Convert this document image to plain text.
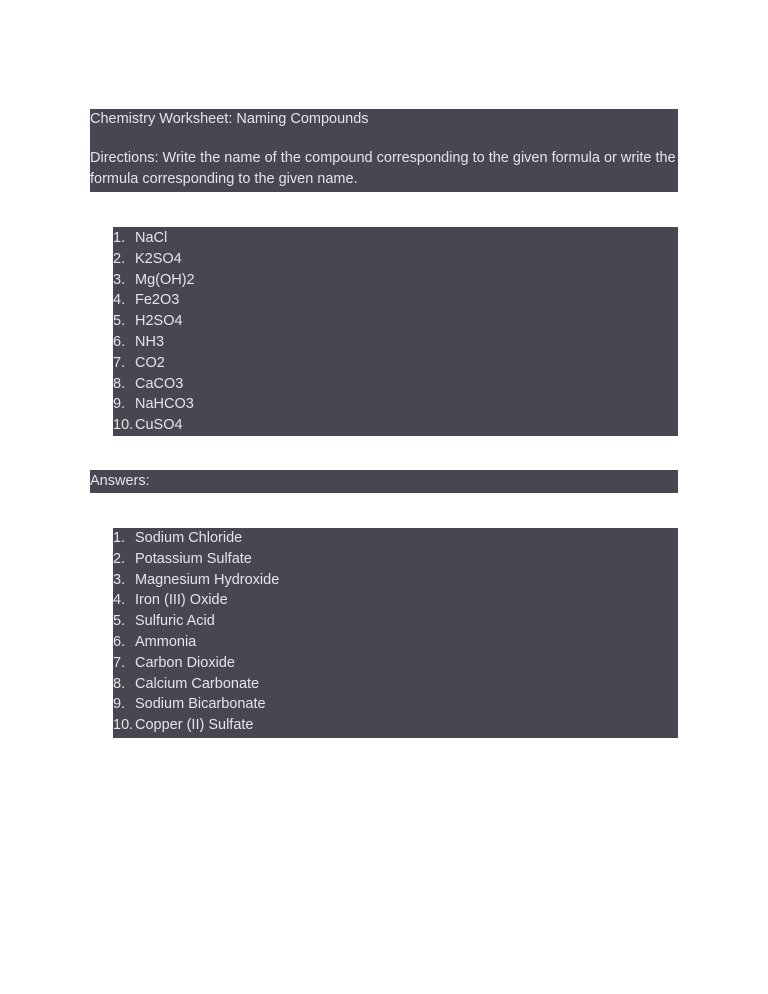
Chemistry Worksheet: Naming Compounds

Directions: Write the name of the compound corresponding to the given formula or write the formula corresponding to the given name.

1. NaCl
2. K2SO4
3. Mg(OH)2
4. Fe2O3
5. H2SO4
6. NH3
7. CO2
8. CaCO3
9. NaHCO3
10. CuSO4
Answers:
1. Sodium Chloride
2. Potassium Sulfate
3. Magnesium Hydroxide
4. Iron (III) Oxide
5. Sulfuric Acid
6. Ammonia
7. Carbon Dioxide
8. Calcium Carbonate
9. Sodium Bicarbonate
10. Copper (II) Sulfate
